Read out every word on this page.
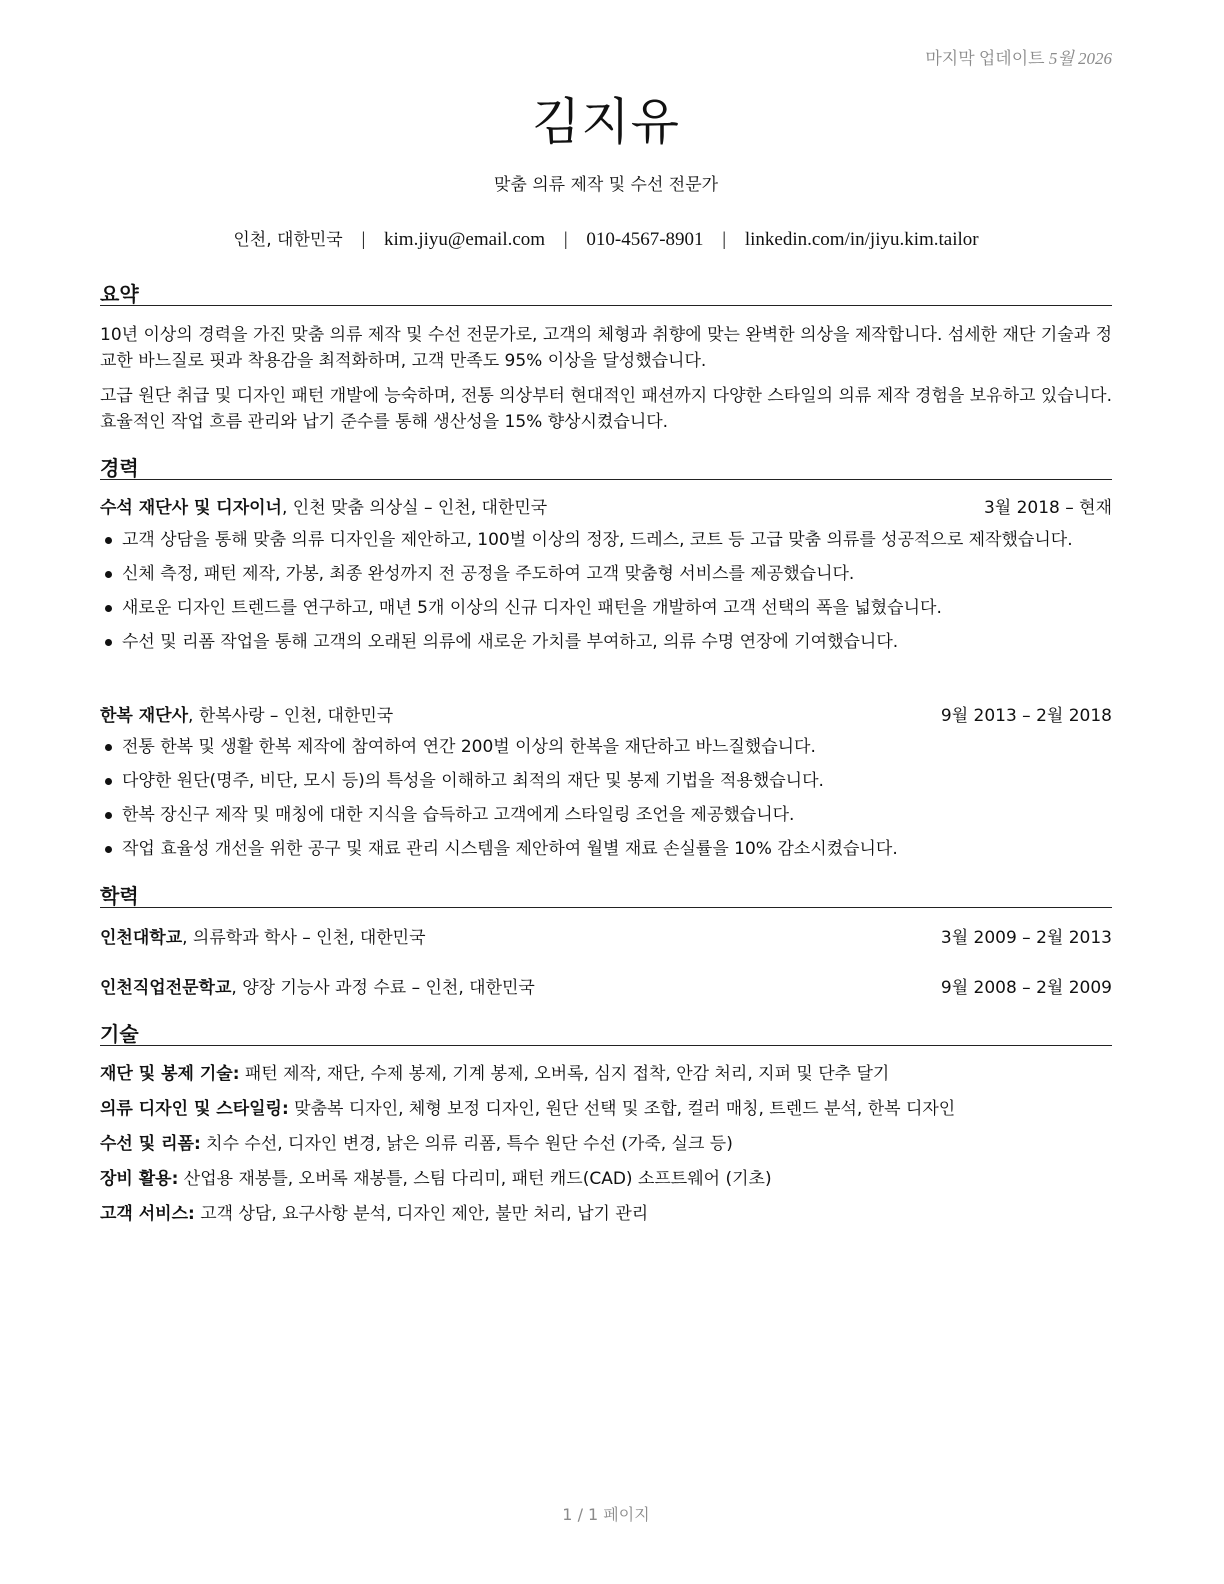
마지막 업데이트 5월 2026
김지유
맞춤 의류 제작 및 수선 전문가
인천, 대한민국 | kim.jiyu@email.com | 010-4567-8901 | linkedin.com/in/jiyu.kim.tailor
요약
10년 이상의 경력을 가진 맞춤 의류 제작 및 수선 전문가로, 고객의 체형과 취향에 맞는 완벽한 의상을 제작합니다. 섬세한 재단 기술과 정교한 바느질로 핏과 착용감을 최적화하며, 고객 만족도 95% 이상을 달성했습니다.
고급 원단 취급 및 디자인 패턴 개발에 능숙하며, 전통 의상부터 현대적인 패션까지 다양한 스타일의 의류 제작 경험을 보유하고 있습니다. 효율적인 작업 흐름 관리와 납기 준수를 통해 생산성을 15% 향상시켰습니다.
경력
수석 재단사 및 디자이너, 인천 맞춤 의상실 – 인천, 대한민국	3월 2018 – 현재
고객 상담을 통해 맞춤 의류 디자인을 제안하고, 100벌 이상의 정장, 드레스, 코트 등 고급 맞춤 의류를 성공적으로 제작했습니다.
신체 측정, 패턴 제작, 가봉, 최종 완성까지 전 공정을 주도하여 고객 맞춤형 서비스를 제공했습니다.
새로운 디자인 트렌드를 연구하고, 매년 5개 이상의 신규 디자인 패턴을 개발하여 고객 선택의 폭을 넓혔습니다.
수선 및 리폼 작업을 통해 고객의 오래된 의류에 새로운 가치를 부여하고, 의류 수명 연장에 기여했습니다.
한복 재단사, 한복사랑 – 인천, 대한민국	9월 2013 – 2월 2018
전통 한복 및 생활 한복 제작에 참여하여 연간 200벌 이상의 한복을 재단하고 바느질했습니다.
다양한 원단(명주, 비단, 모시 등)의 특성을 이해하고 최적의 재단 및 봉제 기법을 적용했습니다.
한복 장신구 제작 및 매칭에 대한 지식을 습득하고 고객에게 스타일링 조언을 제공했습니다.
작업 효율성 개선을 위한 공구 및 재료 관리 시스템을 제안하여 월별 재료 손실률을 10% 감소시켰습니다.
학력
인천대학교, 의류학과 학사 – 인천, 대한민국	3월 2009 – 2월 2013
인천직업전문학교, 양장 기능사 과정 수료 – 인천, 대한민국	9월 2008 – 2월 2009
기술
재단 및 봉제 기술: 패턴 제작, 재단, 수제 봉제, 기계 봉제, 오버록, 심지 접착, 안감 처리, 지퍼 및 단추 달기
의류 디자인 및 스타일링: 맞춤복 디자인, 체형 보정 디자인, 원단 선택 및 조합, 컬러 매칭, 트렌드 분석, 한복 디자인
수선 및 리폼: 치수 수선, 디자인 변경, 낡은 의류 리폼, 특수 원단 수선 (가죽, 실크 등)
장비 활용: 산업용 재봉틀, 오버록 재봉틀, 스팀 다리미, 패턴 캐드(CAD) 소프트웨어 (기초)
고객 서비스: 고객 상담, 요구사항 분석, 디자인 제안, 불만 처리, 납기 관리
1 / 1 페이지
